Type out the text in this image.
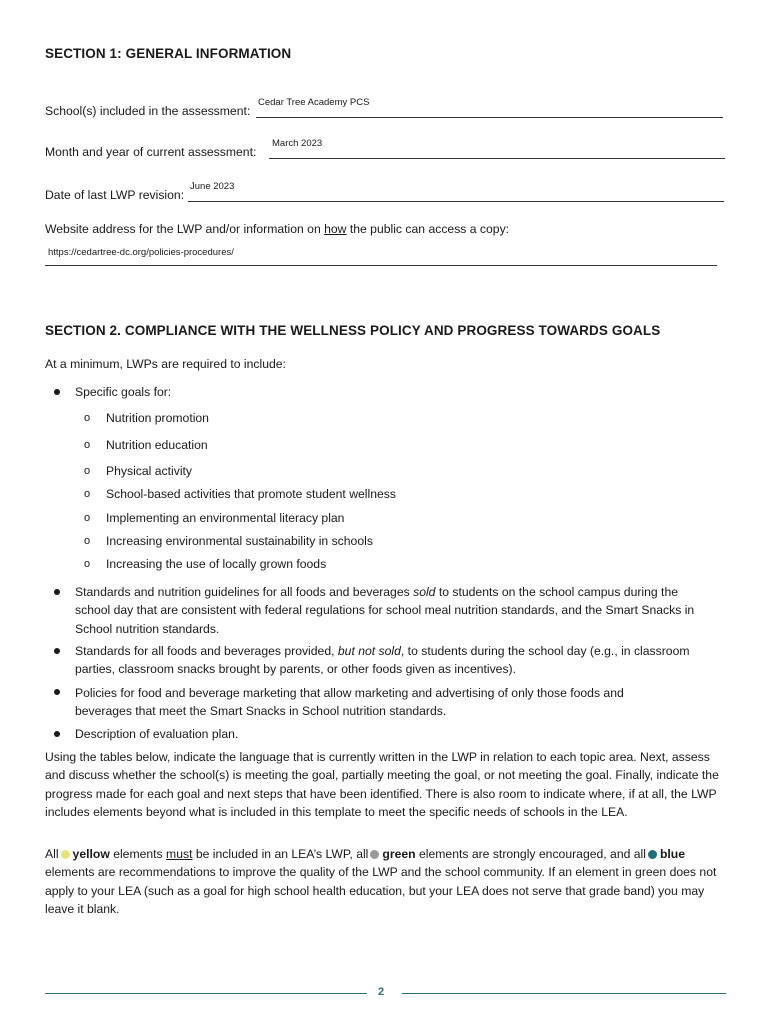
SECTION 1: GENERAL INFORMATION
Cedar Tree Academy PCS
School(s) included in the assessment:
March 2023
Month and year of current assessment:
June 2023
Date of last LWP revision:
Website address for the LWP and/or information on how the public can access a copy:
https://cedartree-dc.org/policies-procedures/
SECTION 2. COMPLIANCE WITH THE WELLNESS POLICY AND PROGRESS TOWARDS GOALS
At a minimum, LWPs are required to include:
Specific goals for:
o Nutrition promotion
o Nutrition education
o Physical activity
o School-based activities that promote student wellness
o Implementing an environmental literacy plan
o Increasing environmental sustainability in schools
o Increasing the use of locally grown foods
Standards and nutrition guidelines for all foods and beverages sold to students on the school campus during the school day that are consistent with federal regulations for school meal nutrition standards, and the Smart Snacks in School nutrition standards.
Standards for all foods and beverages provided, but not sold, to students during the school day (e.g., in classroom parties, classroom snacks brought by parents, or other foods given as incentives).
Policies for food and beverage marketing that allow marketing and advertising of only those foods and beverages that meet the Smart Snacks in School nutrition standards.
Description of evaluation plan.
Using the tables below, indicate the language that is currently written in the LWP in relation to each topic area. Next, assess and discuss whether the school(s) is meeting the goal, partially meeting the goal, or not meeting the goal. Finally, indicate the progress made for each goal and next steps that have been identified. There is also room to indicate where, if at all, the LWP includes elements beyond what is included in this template to meet the specific needs of schools in the LEA.
All yellow elements must be included in an LEA’s LWP, all green elements are strongly encouraged, and all blue elements are recommendations to improve the quality of the LWP and the school community. If an element in green does not apply to your LEA (such as a goal for high school health education, but your LEA does not serve that grade band) you may leave it blank.
2
